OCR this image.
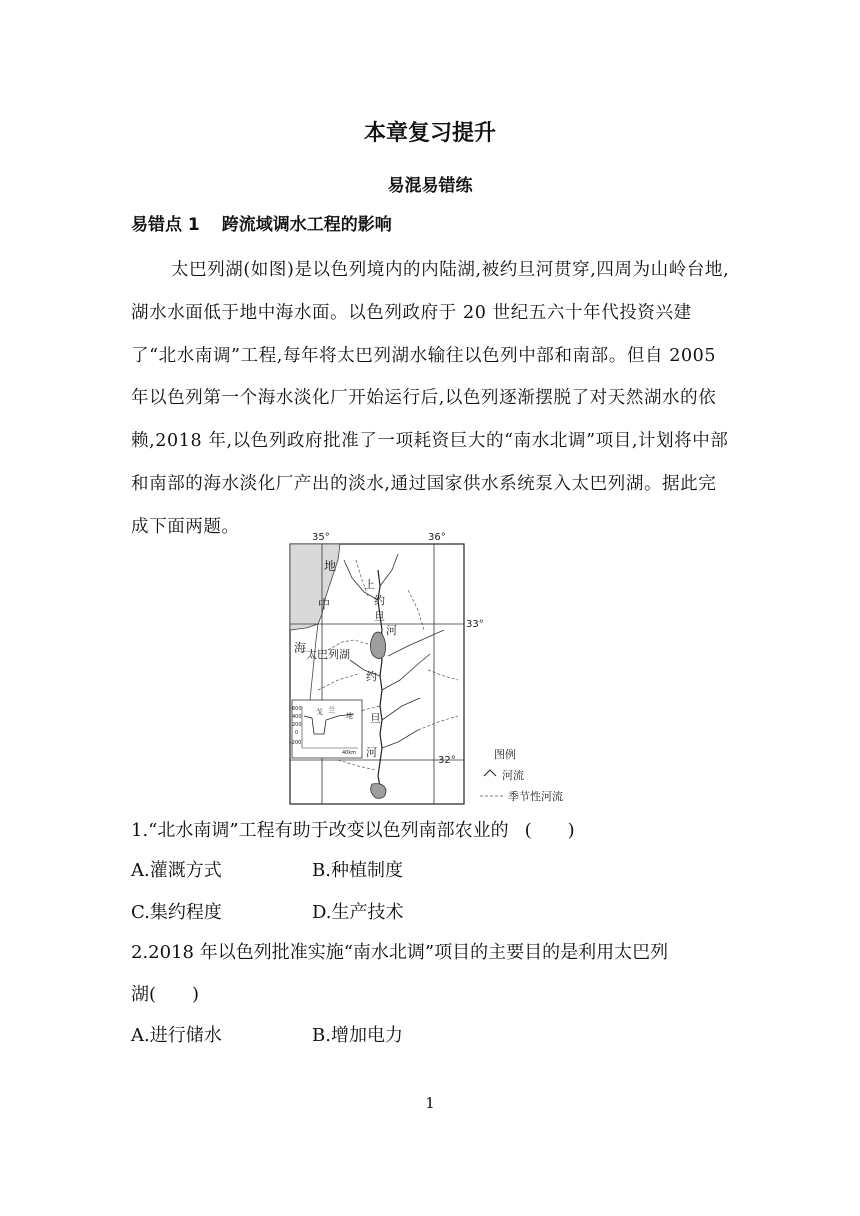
本章复习提升
易混易错练
易错点 1 跨流域调水工程的影响
太巴列湖(如图)是以色列境内的内陆湖,被约旦河贯穿,四周为山岭台地,湖水水面低于地中海水面。以色列政府于 20 世纪五六十年代投资兴建了“北水南调”工程,每年将太巴列湖水输往以色列中部和南部。但自 2005 年以色列第一个海水淡化厂开始运行后,以色列逐渐摆脱了对天然湖水的依赖,2018 年,以色列政府批准了一项耗资巨大的“南水北调”项目,计划将中部和南部的海水淡化厂产出的淡水,通过国家供水系统泵入太巴列湖。据此完成下面两题。
35°	36°
33°
32°
地
中
海
上
约
旦
河
太巴列湖
约
旦
河
600
400
200
0
-200
40km
戈 兰
地
图例
河流
季节性河流
1.“北水南调”工程有助于改变以色列南部农业的 (　　)
A.灌溉方式	B.种植制度
C.集约程度	D.生产技术
2.2018 年以色列批准实施“南水北调”项目的主要目的是利用太巴列
湖(　　)
A.进行储水	B.增加电力
1
